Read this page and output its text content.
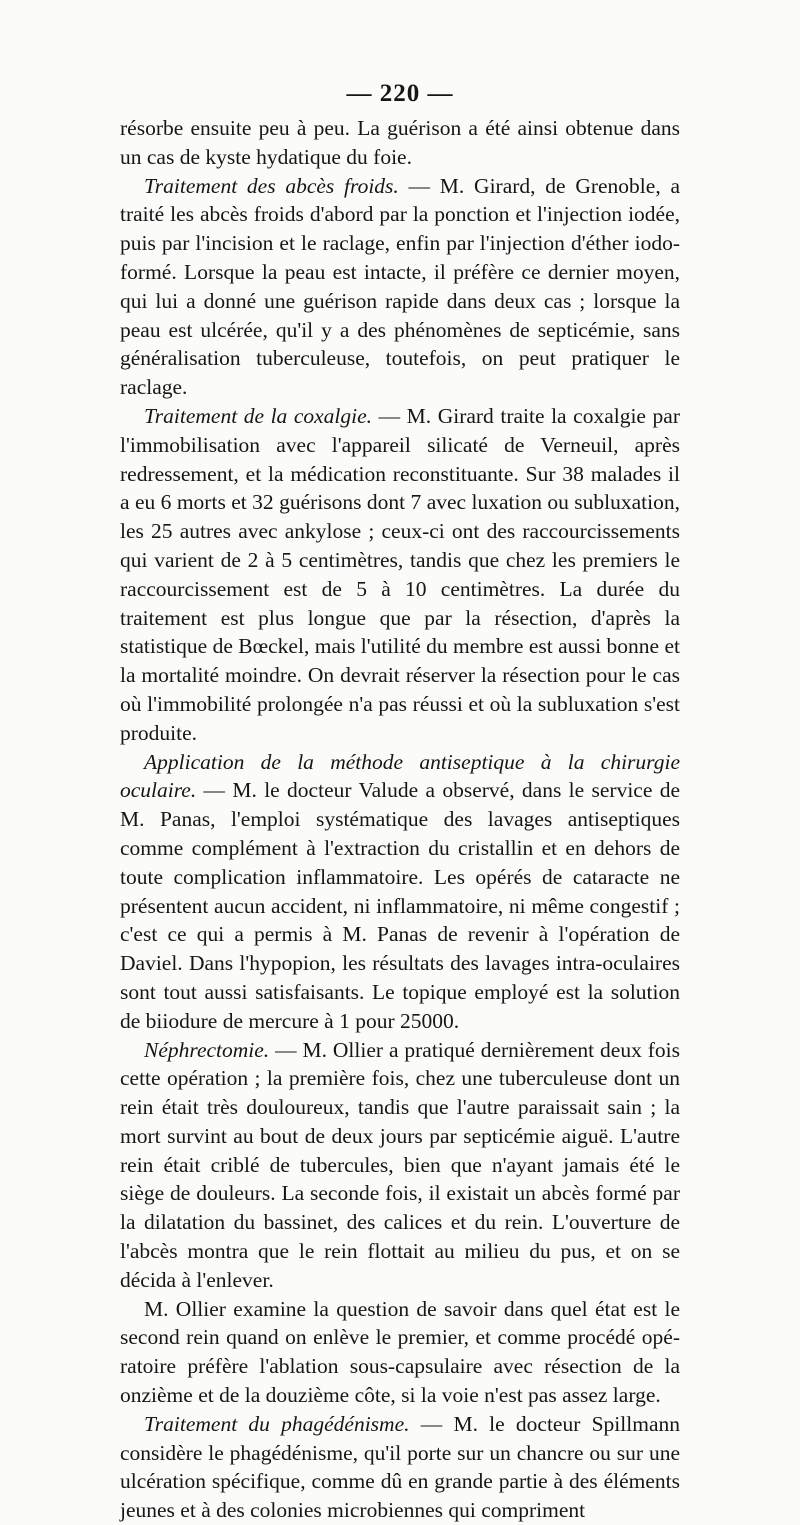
— 220 —

résorbe ensuite peu à peu. La guérison a été ainsi obtenue dans un cas de kyste hydatique du foie.

Traitement des abcès froids. — M. Girard, de Grenoble, a traité les abcès froids d'abord par la ponction et l'injection iodée, puis par l'incision et le raclage, enfin par l'injection d'éther iodoformé. Lorsque la peau est intacte, il préfère ce dernier moyen, qui lui a donné une guérison rapide dans deux cas ; lorsque la peau est ulcérée, qu'il y a des phénomènes de septicémie, sans généralisation tuberculeuse, toutefois, on peut pratiquer le raclage.

Traitement de la coxalgie. — M. Girard traite la coxalgie par l'immobilisation avec l'appareil silicaté de Verneuil, après redressement, et la médication reconstituante. Sur 38 malades il a eu 6 morts et 32 guérisons dont 7 avec luxation ou subluxation, les 25 autres avec ankylose ; ceux-ci ont des raccourcissements qui varient de 2 à 5 centimètres, tandis que chez les premiers le raccourcissement est de 5 à 10 centimètres. La durée du traitement est plus longue que par la résection, d'après la statistique de Bœckel, mais l'utilité du membre est aussi bonne et la mortalité moindre. On devrait réserver la résection pour le cas où l'immobilité prolongée n'a pas réussi et où la subluxation s'est produite.

Application de la méthode antiseptique à la chirurgie oculaire. — M. le docteur Valude a observé, dans le service de M. Panas, l'emploi systématique des lavages antiseptiques comme complément à l'extraction du cristallin et en dehors de toute complication inflammatoire. Les opérés de cataracte ne présentent aucun accident, ni inflammatoire, ni même congestif ; c'est ce qui a permis à M. Panas de revenir à l'opération de Daviel. Dans l'hypopion, les résultats des lavages intra-oculaires sont tout aussi satisfaisants. Le topique employé est la solution de biiodure de mercure à 1 pour 25000.

Néphrectomie. — M. Ollier a pratiqué dernièrement deux fois cette opération ; la première fois, chez une tuberculeuse dont un rein était très douloureux, tandis que l'autre paraissait sain ; la mort survint au bout de deux jours par septicémie aiguë. L'autre rein était criblé de tubercules, bien que n'ayant jamais été le siège de douleurs. La seconde fois, il existait un abcès formé par la dilatation du bassinet, des calices et du rein. L'ouverture de l'abcès montra que le rein flottait au milieu du pus, et on se décida à l'enlever.

M. Ollier examine la question de savoir dans quel état est le second rein quand on enlève le premier, et comme procédé opératoire préfère l'ablation sous-capsulaire avec résection de la onzième et de la douzième côte, si la voie n'est pas assez large.

Traitement du phagédénisme. — M. le docteur Spillmann considère le phagédénisme, qu'il porte sur un chancre ou sur une ulcération spécifique, comme dû en grande partie à des éléments jeunes et à des colonies microbiennes qui compriment
